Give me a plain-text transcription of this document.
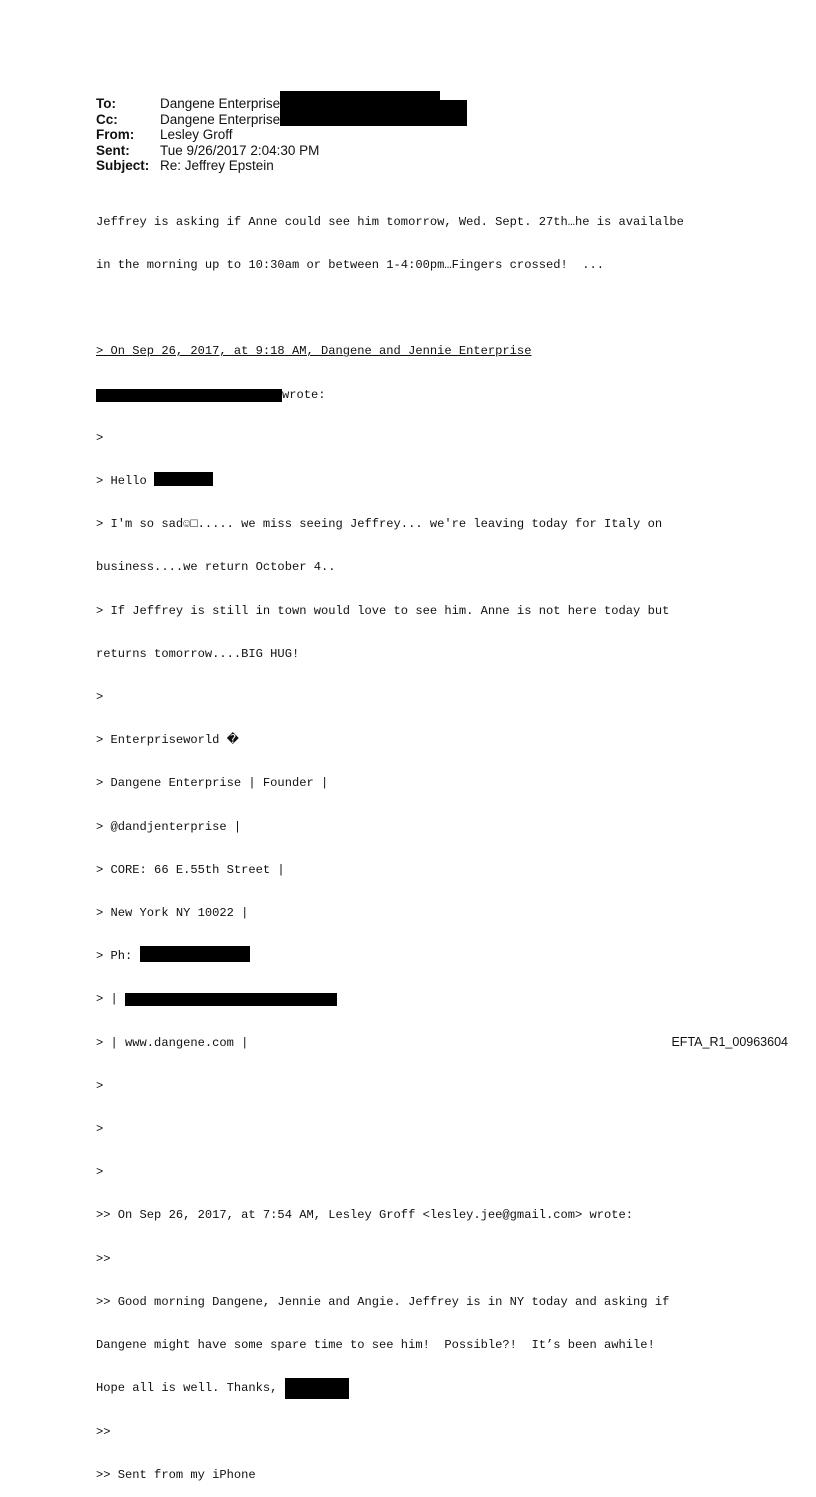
To:	Dangene Enterprise
Cc:	Dangene Enterprise
From: Lesley Groff
Sent: Tue 9/26/2017 2:04:30 PM
Subject: Re: Jeffrey Epstein

Jeffrey is asking if Anne could see him tomorrow, Wed. Sept. 27th…he is availalbe

in the morning up to 10:30am or between 1-4:00pm…Fingers crossed!  ...

> On Sep 26, 2017, at 9:18 AM, Dangene and Jennie Enterprise

wrote:

>

> Hello

> I'm so sad☺□..... we miss seeing Jeffrey... we're leaving today for Italy on

business....we return October 4..

> If Jeffrey is still in town would love to see him. Anne is not here today but

returns tomorrow....BIG HUG!

>

> Enterpriseworld �

> Dangene Enterprise | Founder |

> @dandjenterprise |

> CORE: 66 E.55th Street |

> New York NY 10022 |

> Ph:

> |

> | www.dangene.com |

>

>

>

>> On Sep 26, 2017, at 7:54 AM, Lesley Groff <lesley.jee@gmail.com> wrote:

>>

>> Good morning Dangene, Jennie and Angie. Jeffrey is in NY today and asking if

Dangene might have some spare time to see him!  Possible?!  It’s been awhile!

Hope all is well. Thanks,

>>

>> Sent from my iPhone

EFTA_R1_00963604
